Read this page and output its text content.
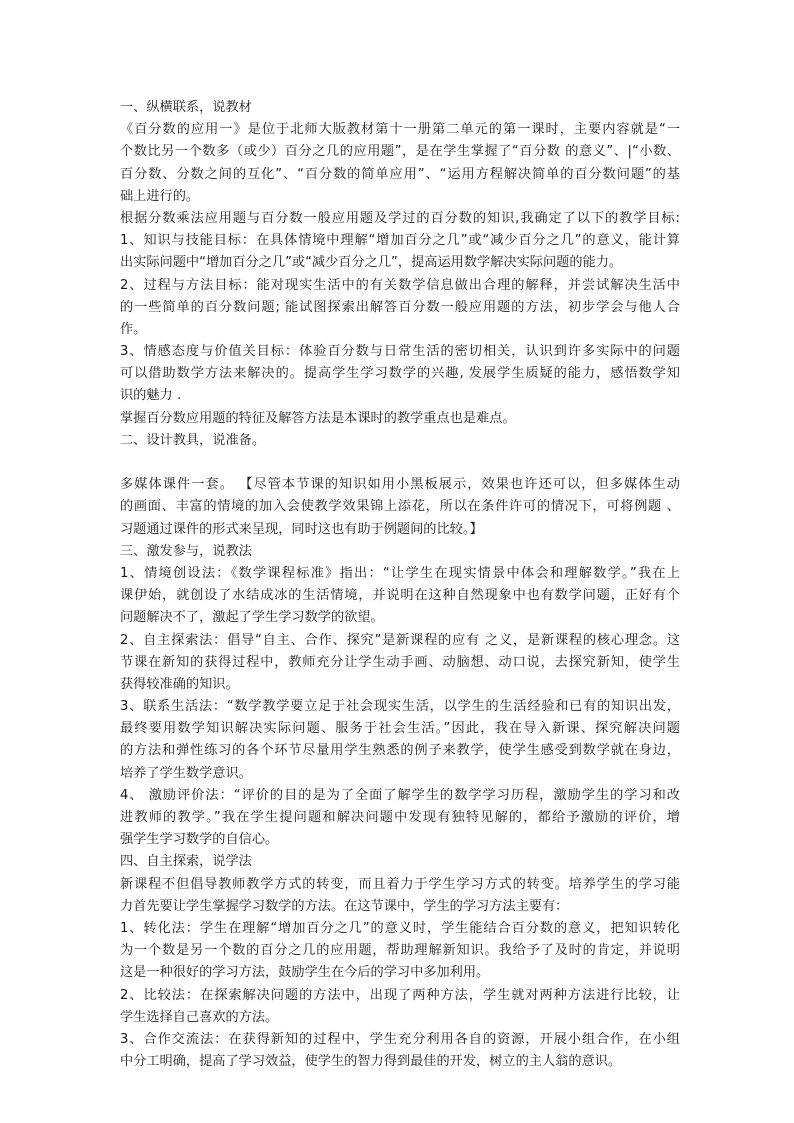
一、纵横联系，说教材
《百分数的应用一》是位于北师大版教材第十一册第二单元的第一课时，主要内容就是“一
个数比另一个数多（或少）百分之几的应用题”，是在学生掌握了“百分数 的意义”、|“小数、
百分数、分数之间的互化”、“百分数的简单应用”、“运用方程解决简单的百分数问题”的基
础上进行的。
根据分数乘法应用题与百分数一般应用题及学过的百分数的知识,我确定了以下的教学目标:
1、知识与技能目标：在具体情境中理解“增加百分之几”或“减少百分之几”的意义，能计算
出实际问题中“增加百分之几”或“减少百分之几”，提高运用数学解决实际问题的能力。
2、过程与方法目标：能对现实生活中的有关数学信息做出合理的解释，并尝试解决生活中
的一些简单的百分数问题; 能试图探索出解答百分数一般应用题的方法，初步学会与他人合
作。
3、情感态度与价值关目标：体验百分数与日常生活的密切相关，认识到许多实际中的问题
可以借助数学方法来解决的。提高学生学习数学的兴趣, 发展学生质疑的能力，感悟数学知
识的魅力 .
掌握百分数应用题的特征及解答方法是本课时的教学重点也是难点。
二、设计教具，说准备。
多媒体课件一套。 【尽管本节课的知识如用小黑板展示，效果也许还可以，但多媒体生动
的画面、丰富的情境的加入会使教学效果锦上添花，所以在条件许可的情况下，可将例题 、
习题通过课件的形式来呈现，同时这也有助于例题间的比较。】
三、激发参与，说教法
1、情境创设法：《数学课程标准》指出：“让学生在现实情景中体会和理解数学。”我在上
课伊始，就创设了水结成冰的生活情境，并说明在这种自然现象中也有数学问题，正好有个
问题解决不了，激起了学生学习数学的欲望。
2、自主探索法：倡导“自主、合作、探究”是新课程的应有 之义，是新课程的核心理念。这
节课在新知的获得过程中，教师充分让学生动手画、动脑想、动口说，去探究新知，使学生
获得较准确的知识。
3、联系生活法：“数学教学要立足于社会现实生活，以学生的生活经验和已有的知识出发，
最终要用数学知识解决实际问题、服务于社会生活。”因此，我在导入新课、探究解决问题
的方法和弹性练习的各个环节尽量用学生熟悉的例子来教学，使学生感受到数学就在身边，
培养了学生数学意识。
4、 激励评价法：“评价的目的是为了全面了解学生的数学学习历程，激励学生的学习和改
进教师的教学。”我在学生提问题和解决问题中发现有独特见解的，都给予激励的评价，增
强学生学习数学的自信心。
四、自主探索，说学法
新课程不但倡导教师教学方式的转变，而且着力于学生学习方式的转变。培养学生的学习能
力首先要让学生掌握学习数学的方法。在这节课中，学生的学习方法主要有：
1、转化法：学生在理解“增加百分之几”的意义时，学生能结合百分数的意义，把知识转化
为一个数是另一个数的百分之几的应用题，帮助理解新知识。我给予了及时的肯定，并说明
这是一种很好的学习方法，鼓励学生在今后的学习中多加利用。
2、比较法：在探索解决问题的方法中，出现了两种方法，学生就对两种方法进行比较，让
学生选择自己喜欢的方法。
3、合作交流法：在获得新知的过程中，学生充分利用各自的资源，开展小组合作，在小组
中分工明确，提高了学习效益，使学生的智力得到最佳的开发，树立的主人翁的意识。
